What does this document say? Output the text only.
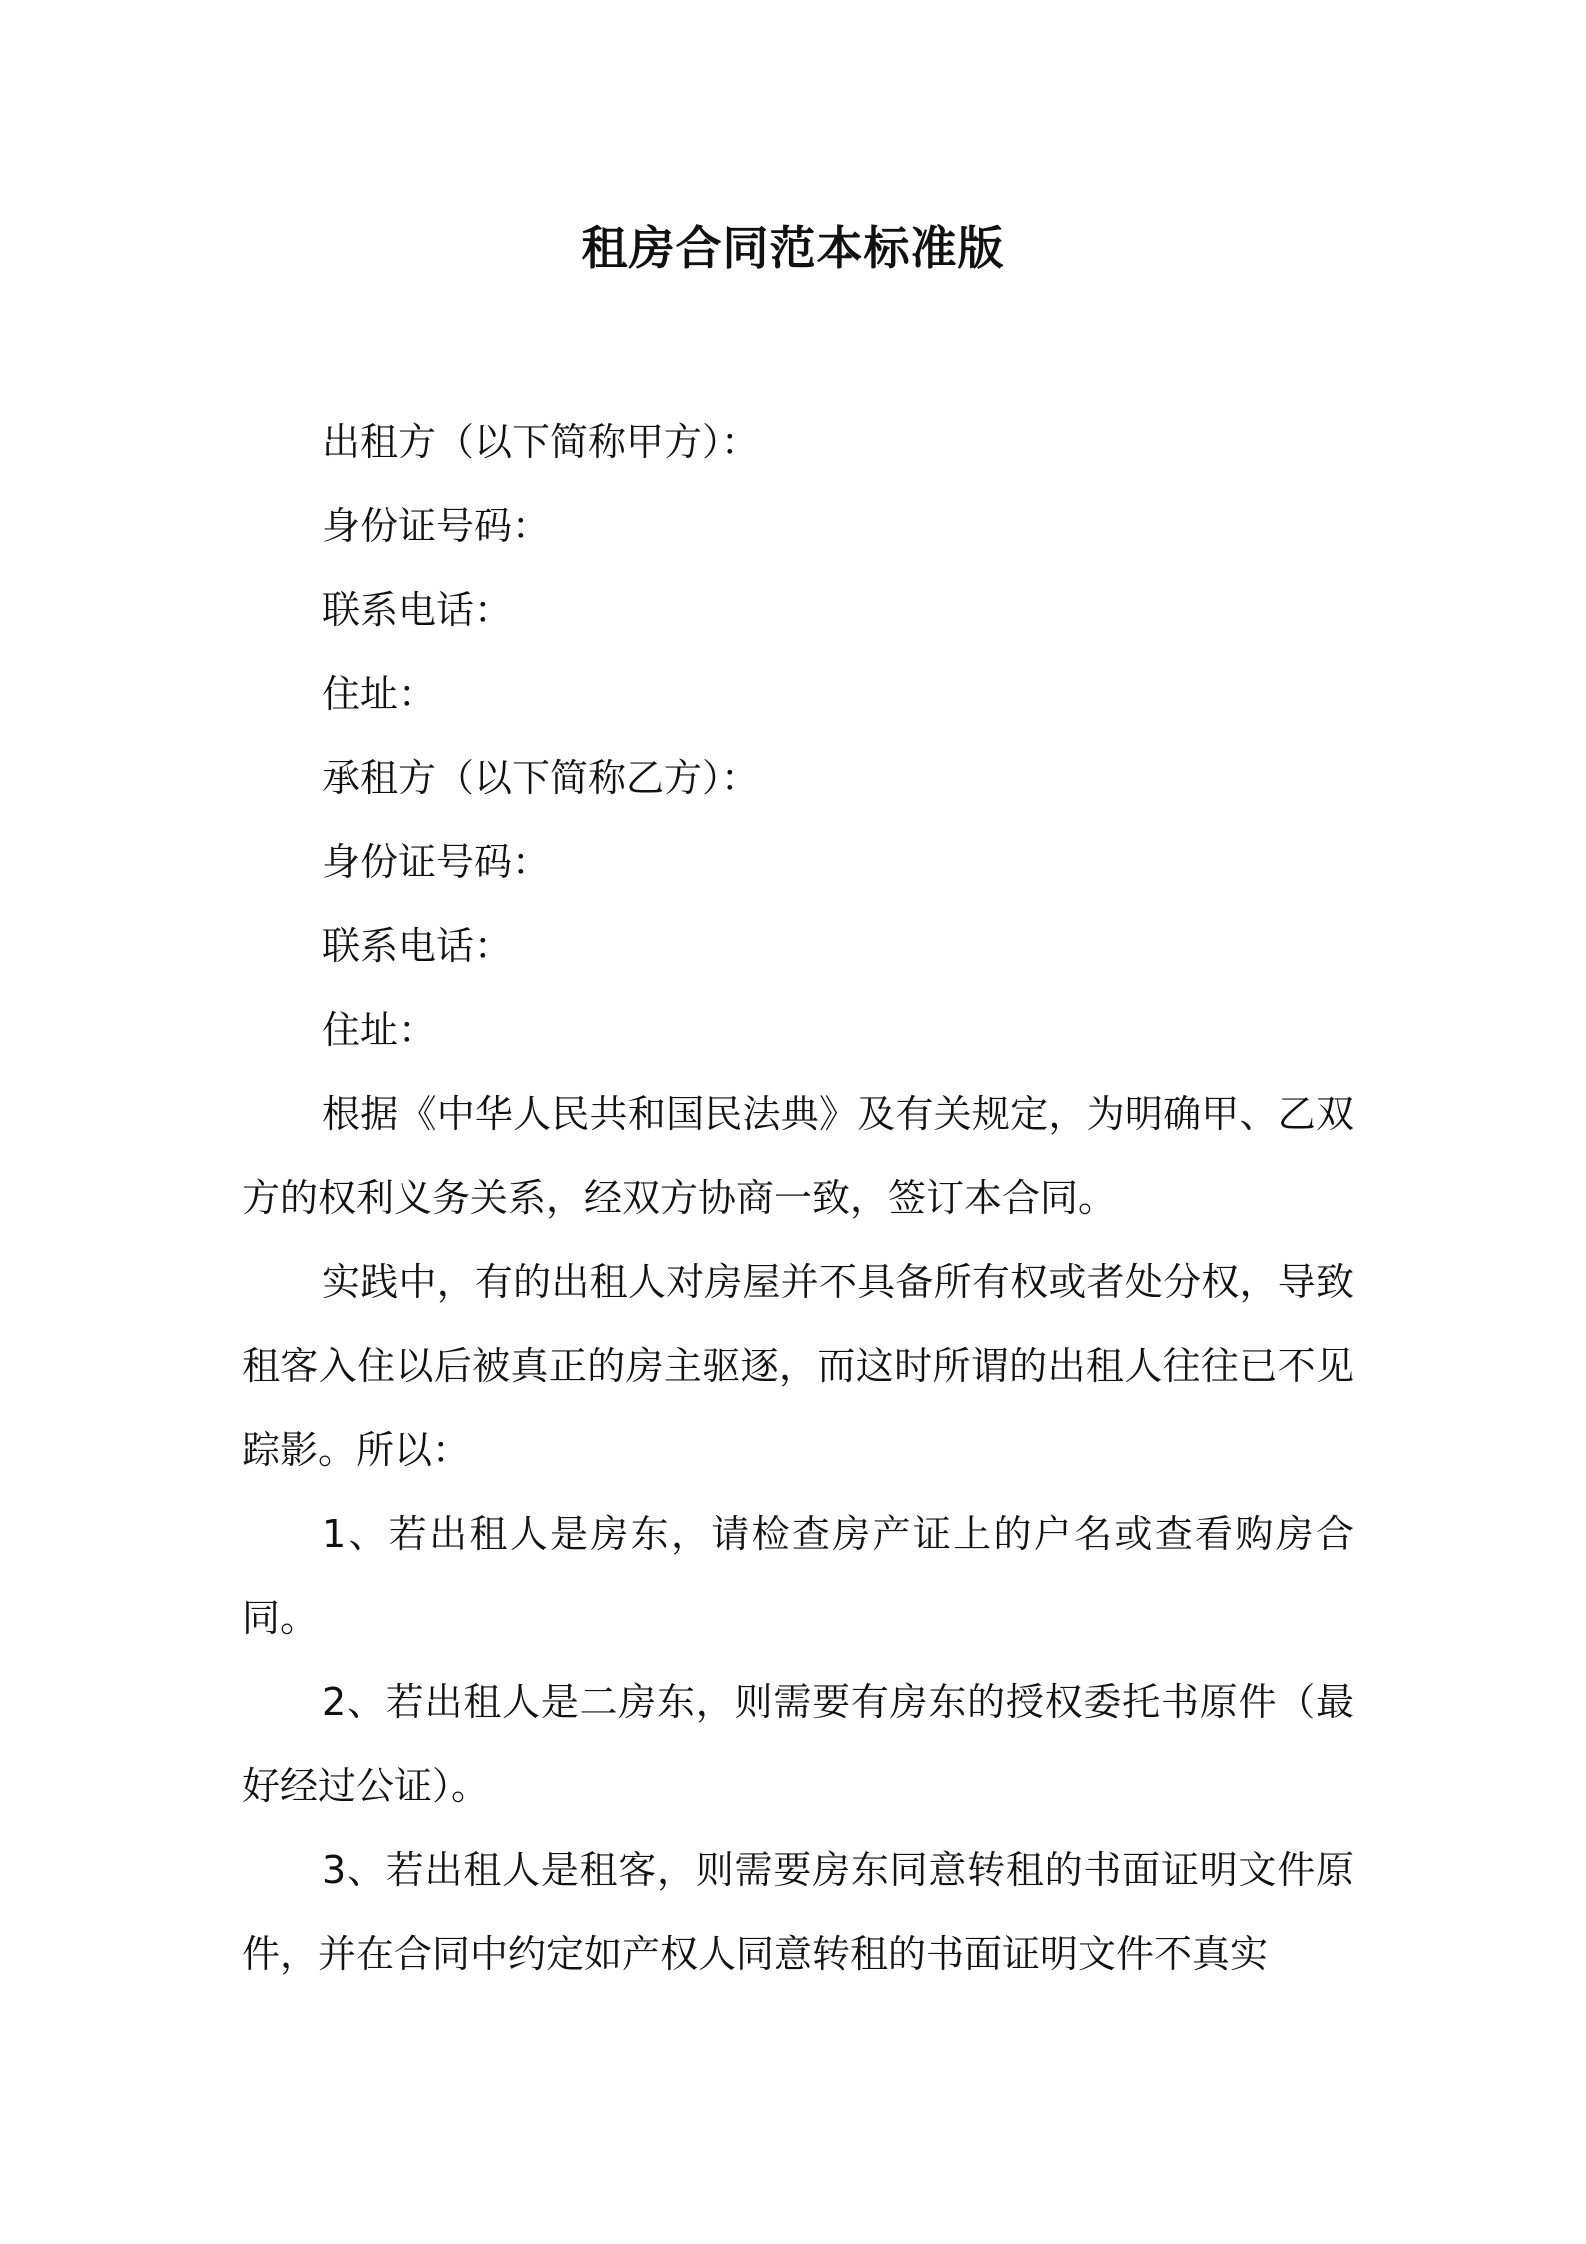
租房合同范本标准版

出租方（以下简称甲方）：

身份证号码：

联系电话：

住址：

承租方（以下简称乙方）：

身份证号码：

联系电话：

住址：

根据《中华人民共和国民法典》及有关规定，为明确甲、乙双方的权利义务关系，经双方协商一致，签订本合同。

实践中，有的出租人对房屋并不具备所有权或者处分权，导致租客入住以后被真正的房主驱逐，而这时所谓的出租人往往已不见踪影。所以：

1、若出租人是房东，请检查房产证上的户名或查看购房合同。

2、若出租人是二房东，则需要有房东的授权委托书原件（最好经过公证）。

3、若出租人是租客，则需要房东同意转租的书面证明文件原件，并在合同中约定如产权人同意转租的书面证明文件不真实
